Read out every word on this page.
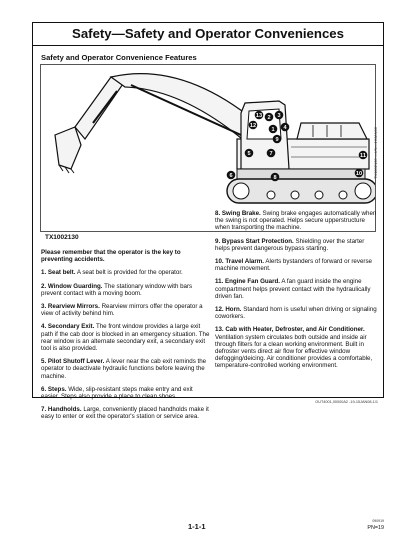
Safety—Safety and Operator Conveniences
Safety and Operator Convenience Features
12
13 2 3
1 4
9
5	7
6	8
11
10
TX1002130

Please remember that the operator is the key to preventing accidents.

1. Seat belt. A seat belt is provided for the operator.

2. Window Guarding. The stationary window with bars prevent contact with a moving boom.

3. Rearview Mirrors. Rearview mirrors offer the operator a view of activity behind him.

4. Secondary Exit. The front window provides a large exit path if the cab door is blocked in an emergency situation. The rear window is an alternate secondary exit, a secondary exit tool is also provided.

5. Pilot Shutoff Lever. A lever near the cab exit reminds the operator to deactivate hydraulic functions before leaving the machine.

6. Steps. Wide, slip-resistant steps make entry and exit easier. Steps also provide a place to clean shoes.

7. Handholds. Large, conveniently placed handholds make it easy to enter or exit the operator's station or service area.

8. Swing Brake. Swing brake engages automatically when the swing is not operated. Helps secure upperstructure when transporting the machine.

9. Bypass Start Protection. Shielding over the starter helps prevent dangerous bypass starting.

10. Travel Alarm. Alerts bystanders of forward or reverse machine movement.

11. Engine Fan Guard. A fan guard inside the engine compartment helps prevent contact with the hydraulically driven fan.

12. Horn. Standard horn is useful when driving or signaling coworkers.

13. Cab with Heater, Defroster, and Air Conditioner. Ventilation system circulates both outside and inside air through filters for a clean working environment. Built in defroster vents direct air flow for effective window defogging/deicing. Air conditioner provides a comfortable, temperature-controlled working environment.

TX1002130 —UN—16JAN06
OUT4001,00000A2 -19-15JAN08-1/1
1-1-1
090919
PN=19
